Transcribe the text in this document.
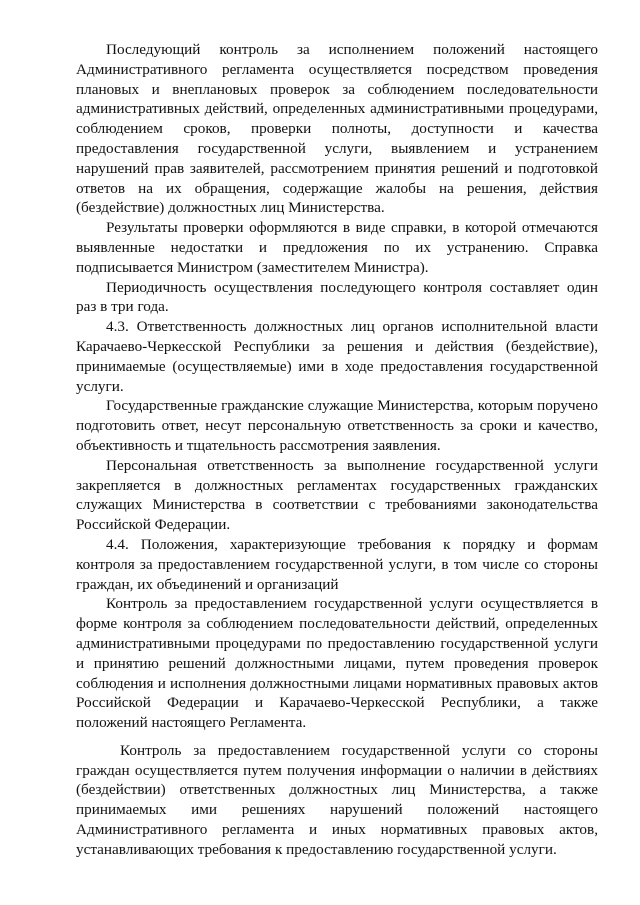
Последующий контроль за исполнением положений настоящего Административного регламента осуществляется посредством проведения плановых и внеплановых проверок за соблюдением последовательности административных действий, определенных административными процедурами, соблюдением сроков, проверки полноты, доступности и качества предоставления государственной услуги, выявлением и устранением нарушений прав заявителей, рассмотрением принятия решений и подготовкой ответов на их обращения, содержащие жалобы на решения, действия (бездействие) должностных лиц Министерства.

Результаты проверки оформляются в виде справки, в которой отмечаются выявленные недостатки и предложения по их устранению. Справка подписывается Министром (заместителем Министра).

Периодичность осуществления последующего контроля составляет один раз в три года.

4.3. Ответственность должностных лиц органов исполнительной власти Карачаево-Черкесской Республики за решения и действия (бездействие), принимаемые (осуществляемые) ими в ходе предоставления государственной услуги.

Государственные гражданские служащие Министерства, которым поручено подготовить ответ, несут персональную ответственность за сроки и качество, объективность и тщательность рассмотрения заявления.

Персональная ответственность за выполнение государственной услуги закрепляется в должностных регламентах государственных гражданских служащих Министерства в соответствии с требованиями законодательства Российской Федерации.

4.4. Положения, характеризующие требования к порядку и формам контроля за предоставлением государственной услуги, в том числе со стороны граждан, их объединений и организаций

Контроль за предоставлением государственной услуги осуществляется в форме контроля за соблюдением последовательности действий, определенных административными процедурами по предоставлению государственной услуги и принятию решений должностными лицами, путем проведения проверок соблюдения и исполнения должностными лицами нормативных правовых актов Российской Федерации и Карачаево-Черкесской Республики, а также положений настоящего Регламента.

Контроль за предоставлением государственной услуги со стороны граждан осуществляется путем получения информации о наличии в действиях (бездействии) ответственных должностных лиц Министерства, а также принимаемых ими решениях нарушений положений настоящего Административного регламента и иных нормативных правовых актов, устанавливающих требования к предоставлению государственной услуги.
